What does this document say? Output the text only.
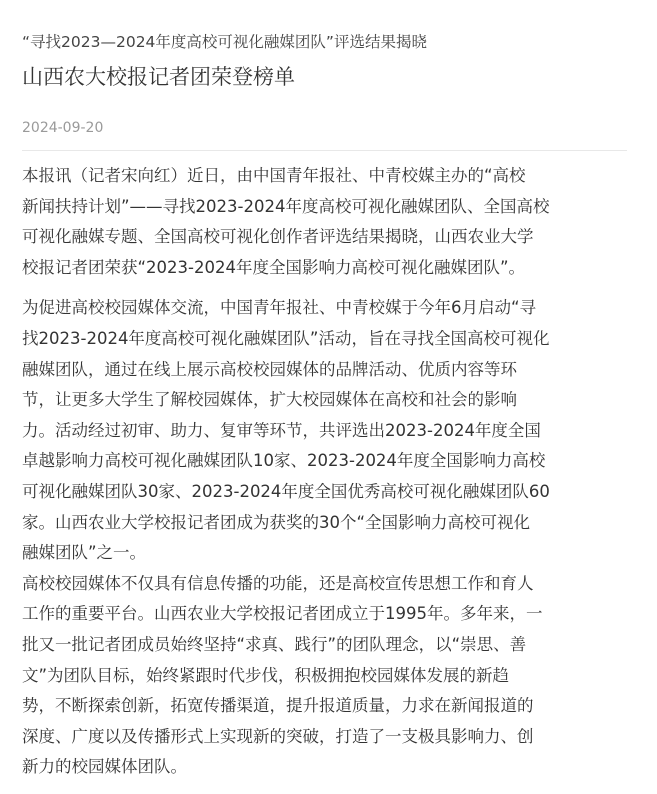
“寻找2023—2024年度高校可视化融媒团队”评选结果揭晓
山西农大校报记者团荣登榜单
2024-09-20

本报讯（记者宋向红）近日，由中国青年报社、中青校媒主办的“高校
新闻扶持计划”——寻找2023-2024年度高校可视化融媒团队、全国高校
可视化融媒专题、全国高校可视化创作者评选结果揭晓，山西农业大学
校报记者团荣获“2023-2024年度全国影响力高校可视化融媒团队”。

为促进高校校园媒体交流，中国青年报社、中青校媒于今年6月启动“寻
找2023-2024年度高校可视化融媒团队”活动，旨在寻找全国高校可视化
融媒团队，通过在线上展示高校校园媒体的品牌活动、优质内容等环
节，让更多大学生了解校园媒体，扩大校园媒体在高校和社会的影响
力。活动经过初审、助力、复审等环节，共评选出2023-2024年度全国
卓越影响力高校可视化融媒团队10家、2023-2024年度全国影响力高校
可视化融媒团队30家、2023-2024年度全国优秀高校可视化融媒团队60
家。山西农业大学校报记者团成为获奖的30个“全国影响力高校可视化
融媒团队”之一。

高校校园媒体不仅具有信息传播的功能，还是高校宣传思想工作和育人
工作的重要平台。山西农业大学校报记者团成立于1995年。多年来，一
批又一批记者团成员始终坚持“求真、践行”的团队理念，以“崇思、善
文”为团队目标，始终紧跟时代步伐，积极拥抱校园媒体发展的新趋
势，不断探索创新，拓宽传播渠道，提升报道质量，力求在新闻报道的
深度、广度以及传播形式上实现新的突破，打造了一支极具影响力、创
新力的校园媒体团队。
